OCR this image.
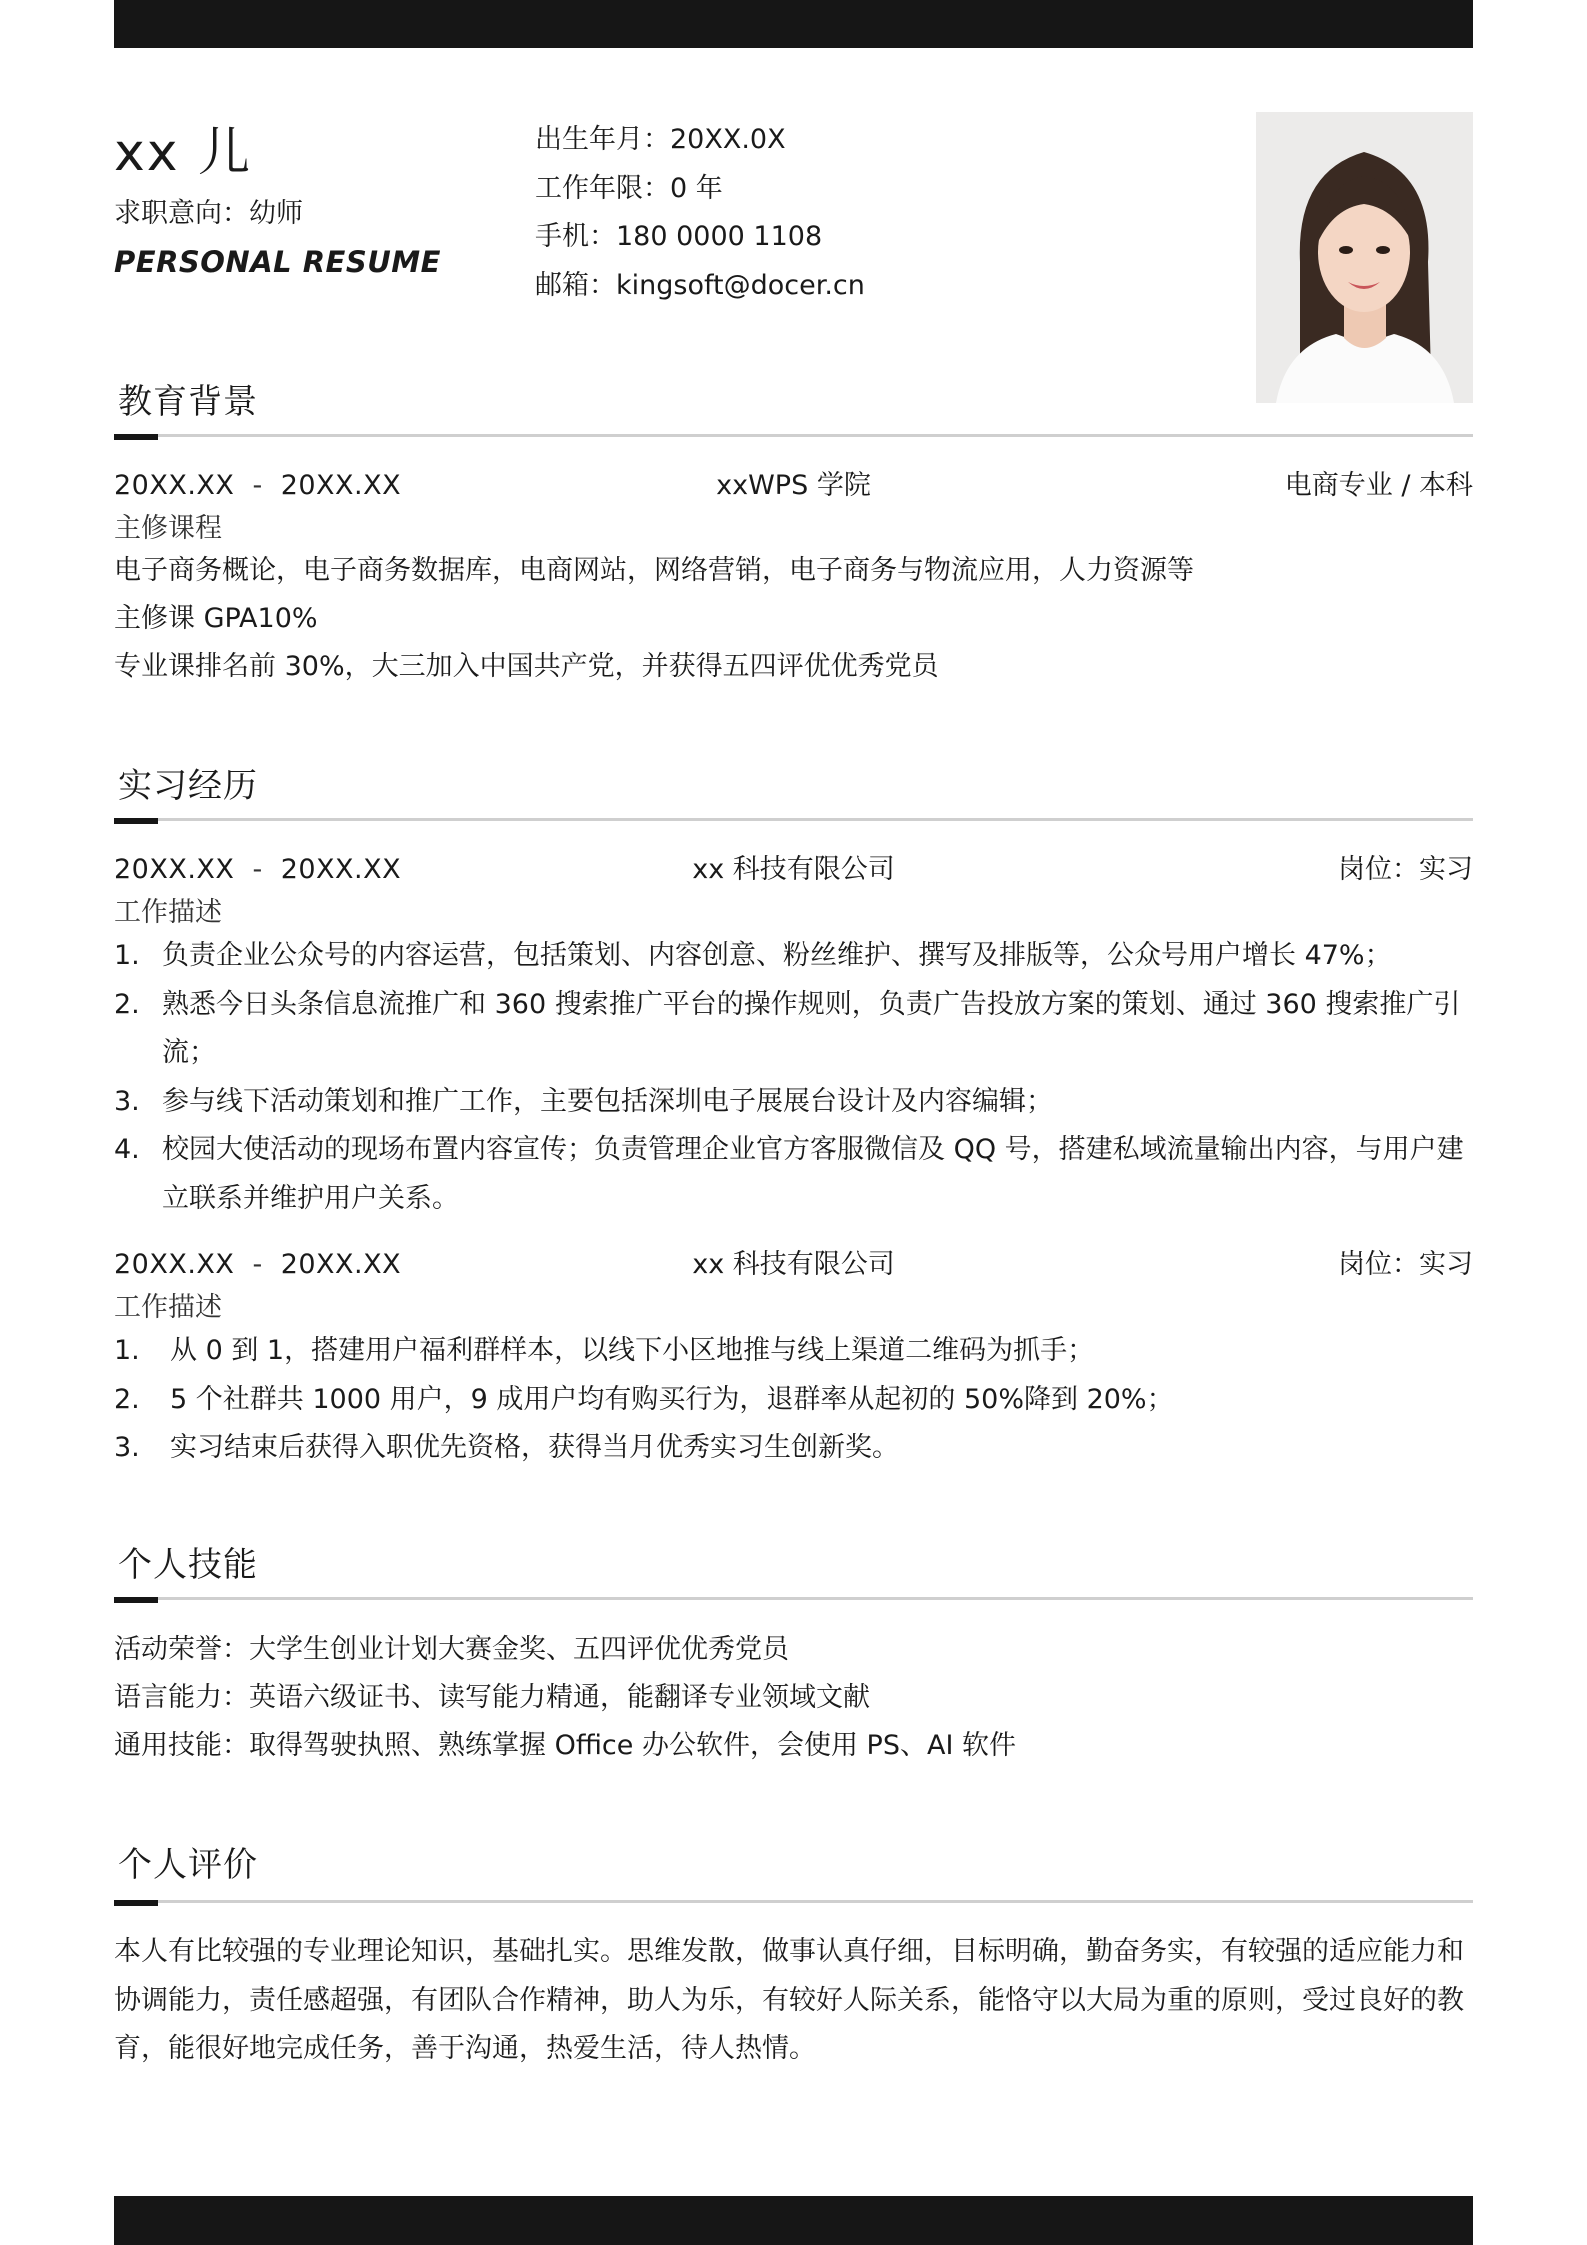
xx 儿
求职意向：幼师
PERSONAL RESUME
出生年月：20XX.0X
工作年限：0 年
手机：180 0000 1108
邮箱：kingsoft@docer.cn
教育背景
20XX.XX - 20XX.XX	xxWPS 学院	电商专业 / 本科
主修课程
电子商务概论，电子商务数据库，电商网站，网络营销，电子商务与物流应用，人力资源等
主修课 GPA10%
专业课排名前 30%，大三加入中国共产党，并获得五四评优优秀党员
实习经历
20XX.XX - 20XX.XX	xx 科技有限公司	岗位：实习
工作描述
1. 负责企业公众号的内容运营，包括策划、内容创意、粉丝维护、撰写及排版等，公众号用户增长 47%；
2. 熟悉今日头条信息流推广和 360 搜索推广平台的操作规则，负责广告投放方案的策划、通过 360 搜索推广引流；
3. 参与线下活动策划和推广工作，主要包括深圳电子展展台设计及内容编辑；
4. 校园大使活动的现场布置内容宣传；负责管理企业官方客服微信及 QQ 号，搭建私域流量输出内容，与用户建立联系并维护用户关系。
20XX.XX - 20XX.XX	xx 科技有限公司	岗位：实习
工作描述
1. 从 0 到 1，搭建用户福利群样本，以线下小区地推与线上渠道二维码为抓手；
2. 5 个社群共 1000 用户，9 成用户均有购买行为，退群率从起初的 50%降到 20%；
3. 实习结束后获得入职优先资格，获得当月优秀实习生创新奖。
个人技能
活动荣誉：大学生创业计划大赛金奖、五四评优优秀党员
语言能力：英语六级证书、读写能力精通，能翻译专业领域文献
通用技能：取得驾驶执照、熟练掌握 Office 办公软件，会使用 PS、AI 软件
个人评价
本人有比较强的专业理论知识，基础扎实。思维发散，做事认真仔细，目标明确，勤奋务实，有较强的适应能力和协调能力，责任感超强，有团队合作精神，助人为乐，有较好人际关系，能恪守以大局为重的原则，受过良好的教育，能很好地完成任务，善于沟通，热爱生活，待人热情。
